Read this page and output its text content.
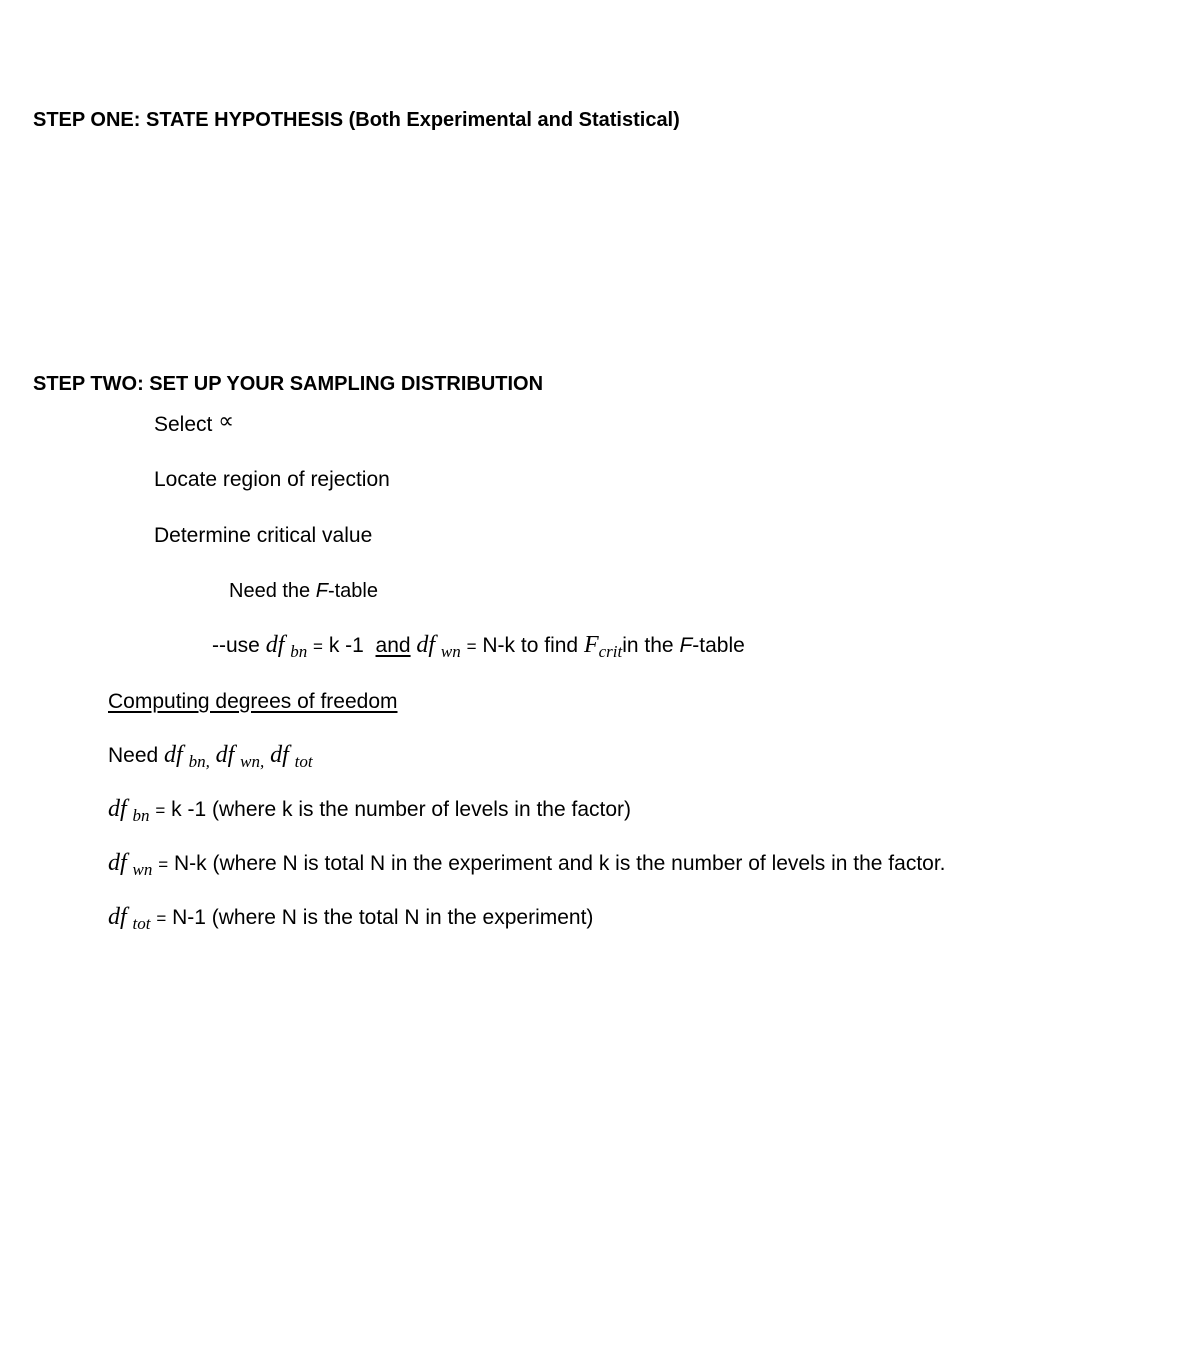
STEP ONE: STATE HYPOTHESIS (Both Experimental and Statistical)
STEP TWO: SET UP YOUR SAMPLING DISTRIBUTION
Select ∝
Locate region of rejection
Determine critical value
Need the F-table
--use df $_{bn}$ = k -1 and df $_{wn}$ = N-k to find $F_{crit}in$ the F-table
Computing degrees of freedom
Need df $_{bn,}$ df $_{wn,}$ df $_{tot}$
df $_{bn}$ = k -1 (where k is the number of levels in the factor)
df $_{wn}$ = N-k (where N is total N in the experiment and k is the number of levels in the factor.
df $_{tot}$ = N-1 (where N is the total N in the experiment)
